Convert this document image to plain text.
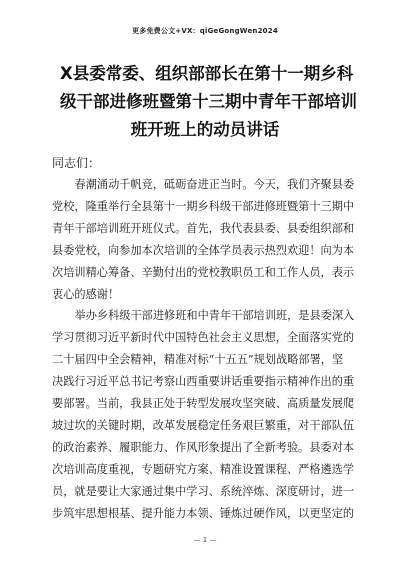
更多免费公文+VX：qiGeGongWen2024
X县委常委、组织部部长在第十一期乡科
级干部进修班暨第十三期中青年干部培训
班开班上的动员讲话
同志们：
春潮涌动千帆竞，砥砺奋进正当时。今天，我们齐聚县委
党校，隆重举行全县第十一期乡科级干部进修班暨第十三期中
青年干部培训班开班仪式。首先，我代表县委、县委组织部和
县委党校，向参加本次培训的全体学员表示热烈欢迎！向为本
次培训精心筹备、辛勤付出的党校教职员工和工作人员，表示
衷心的感谢！
举办乡科级干部进修班和中青年干部培训班，是县委深入
学习贯彻习近平新时代中国特色社会主义思想，全面落实党的
二十届四中全会精神，精准对标“十五五”规划战略部署，坚
决践行习近平总书记考察山西重要讲话重要指示精神作出的重
要部署。当前，我县正处于转型发展攻坚突破、高质量发展爬
坡过坎的关键时期，改革发展稳定任务艰巨繁重，对干部队伍
的政治素养、履职能力、作风形象提出了全新考验。县委对本
次培训高度重视，专题研究方案、精准设置课程、严格遴选学
员，就是要让大家通过集中学习、系统淬炼、深度研讨，进一
步筑牢思想根基、提升能力本领、锤炼过硬作风，以更坚定的
— 1 —
